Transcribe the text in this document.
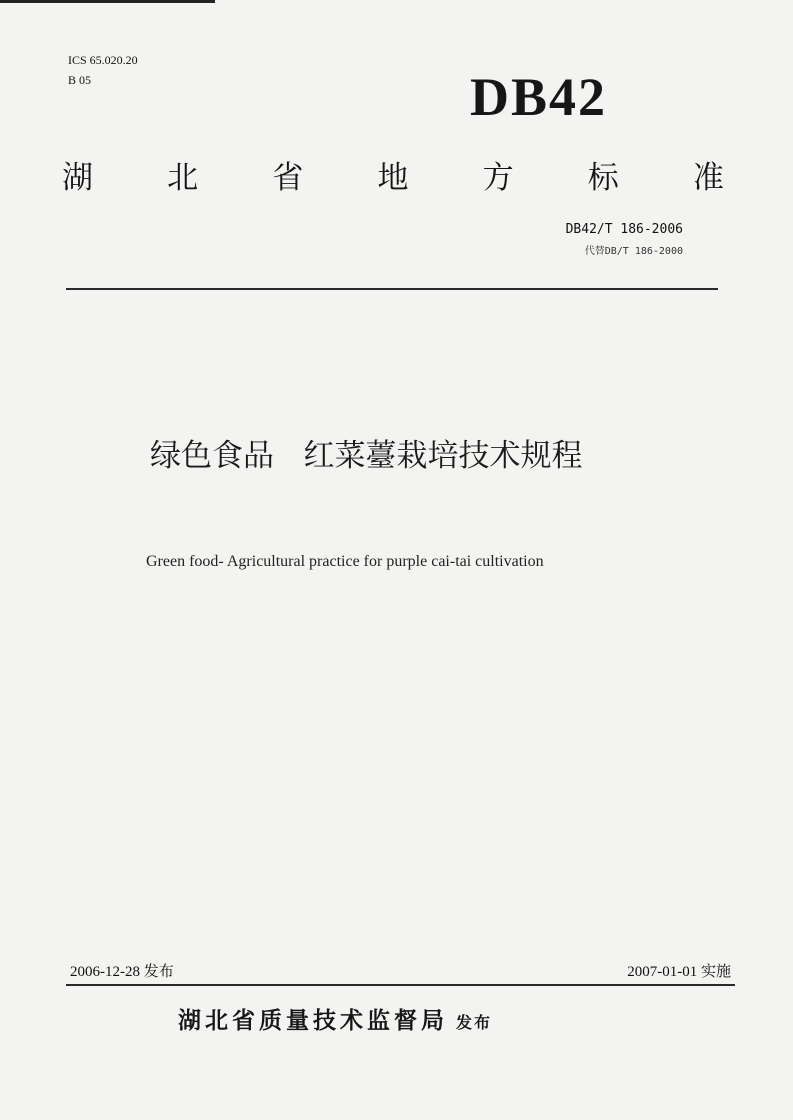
ICS 65.020.20
B 05	DB42
湖 北 省 地 方 标 准
DB42/T 186-2006
代替DB/T 186-2000
绿色食品   红菜薹栽培技术规程
Green food- Agricultural practice for purple cai-tai cultivation
2006-12-28 发布	2007-01-01 实施
湖北省质量技术监督局 发布
